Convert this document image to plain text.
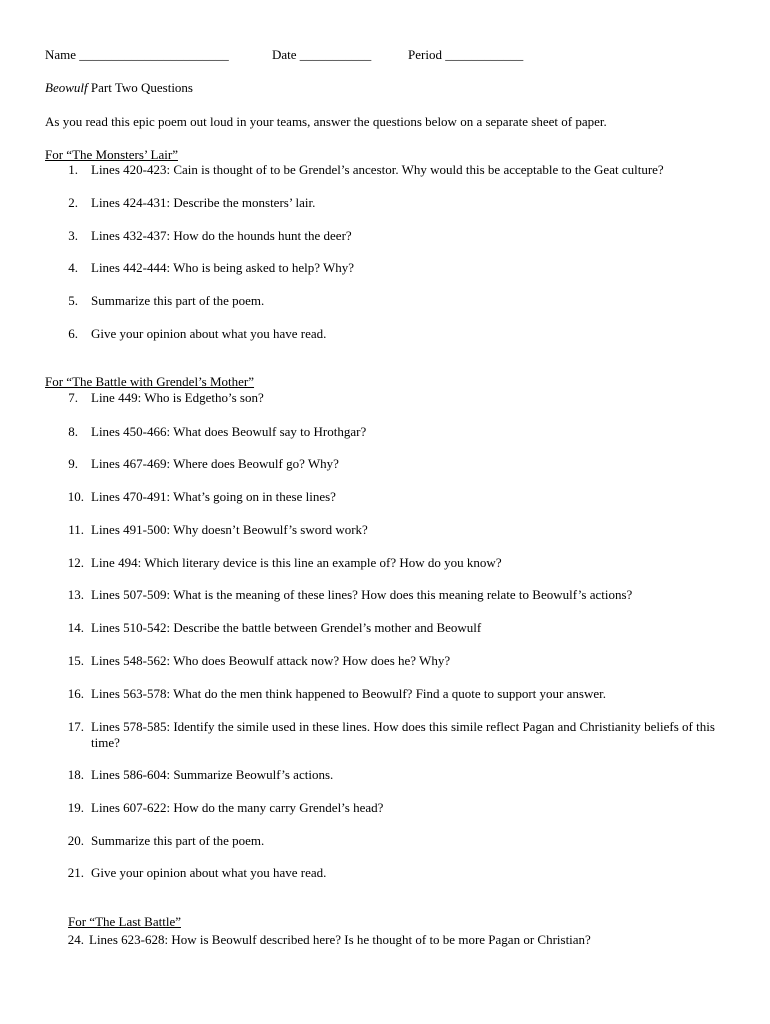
Name _______________________	Date ___________	Period ____________
Beowulf Part Two Questions
As you read this epic poem out loud in your teams, answer the questions below on a separate sheet of paper.
For “The Monsters’ Lair”
1. Lines 420-423: Cain is thought of to be Grendel’s ancestor. Why would this be acceptable to the Geat culture?
2. Lines 424-431: Describe the monsters’ lair.
3. Lines 432-437: How do the hounds hunt the deer?
4. Lines 442-444: Who is being asked to help? Why?
5. Summarize this part of the poem.
6. Give your opinion about what you have read.
For “The Battle with Grendel’s Mother”
7. Line 449: Who is Edgetho’s son?
8. Lines 450-466: What does Beowulf say to Hrothgar?
9. Lines 467-469: Where does Beowulf go? Why?
10. Lines 470-491: What’s going on in these lines?
11. Lines 491-500: Why doesn’t Beowulf’s sword work?
12. Line 494: Which literary device is this line an example of? How do you know?
13. Lines 507-509: What is the meaning of these lines? How does this meaning relate to Beowulf’s actions?
14. Lines 510-542: Describe the battle between Grendel’s mother and Beowulf
15. Lines 548-562: Who does Beowulf attack now? How does he? Why?
16. Lines 563-578: What do the men think happened to Beowulf? Find a quote to support your answer.
17. Lines 578-585: Identify the simile used in these lines. How does this simile reflect Pagan and Christianity beliefs of this time?
18. Lines 586-604: Summarize Beowulf’s actions.
19. Lines 607-622: How do the many carry Grendel’s head?
20. Summarize this part of the poem.
21. Give your opinion about what you have read.
For “The Last Battle”
24. Lines 623-628: How is Beowulf described here? Is he thought of to be more Pagan or Christian?
